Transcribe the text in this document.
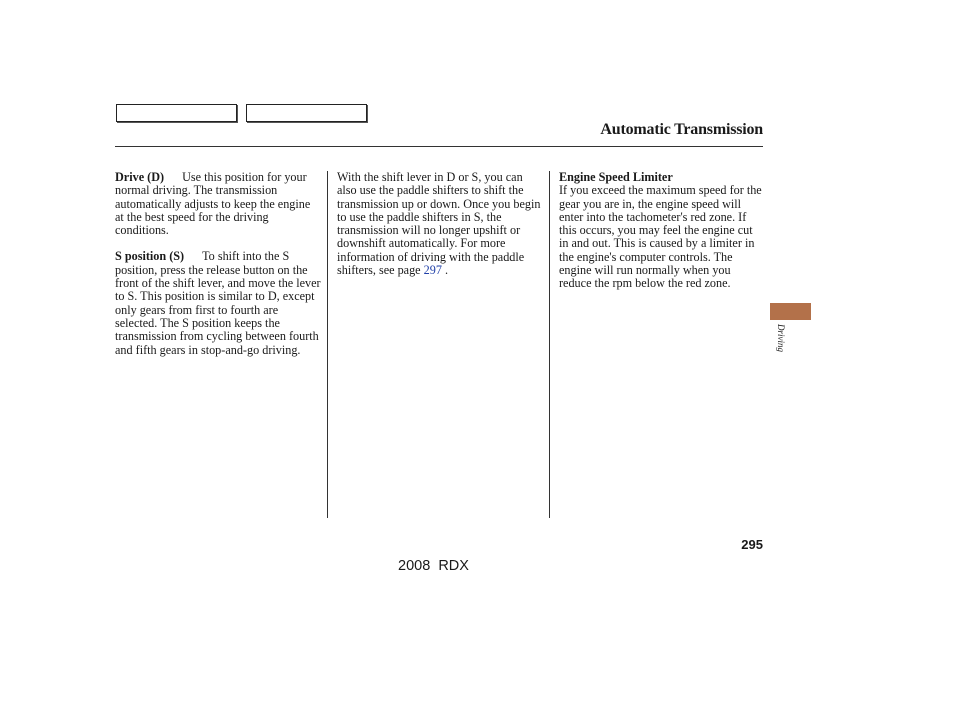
Automatic Transmission

Drive (D) Use this position for your normal driving. The transmission automatically adjusts to keep the engine at the best speed for the driving conditions.

S position (S) To shift into the S position, press the release button on the front of the shift lever, and move the lever to S. This position is similar to D, except only gears from first to fourth are selected. The S position keeps the transmission from cycling between fourth and fifth gears in stop-and-go driving.

With the shift lever in D or S, you can also use the paddle shifters to shift the transmission up or down. Once you begin to use the paddle shifters in S, the transmission will no longer upshift or downshift automatically. For more information of driving with the paddle shifters, see page 297 .

Engine Speed Limiter
If you exceed the maximum speed for the gear you are in, the engine speed will enter into the tachometer's red zone. If this occurs, you may feel the engine cut in and out. This is caused by a limiter in the engine's computer controls. The engine will run normally when you reduce the rpm below the red zone.

Driving
295
2008  RDX
